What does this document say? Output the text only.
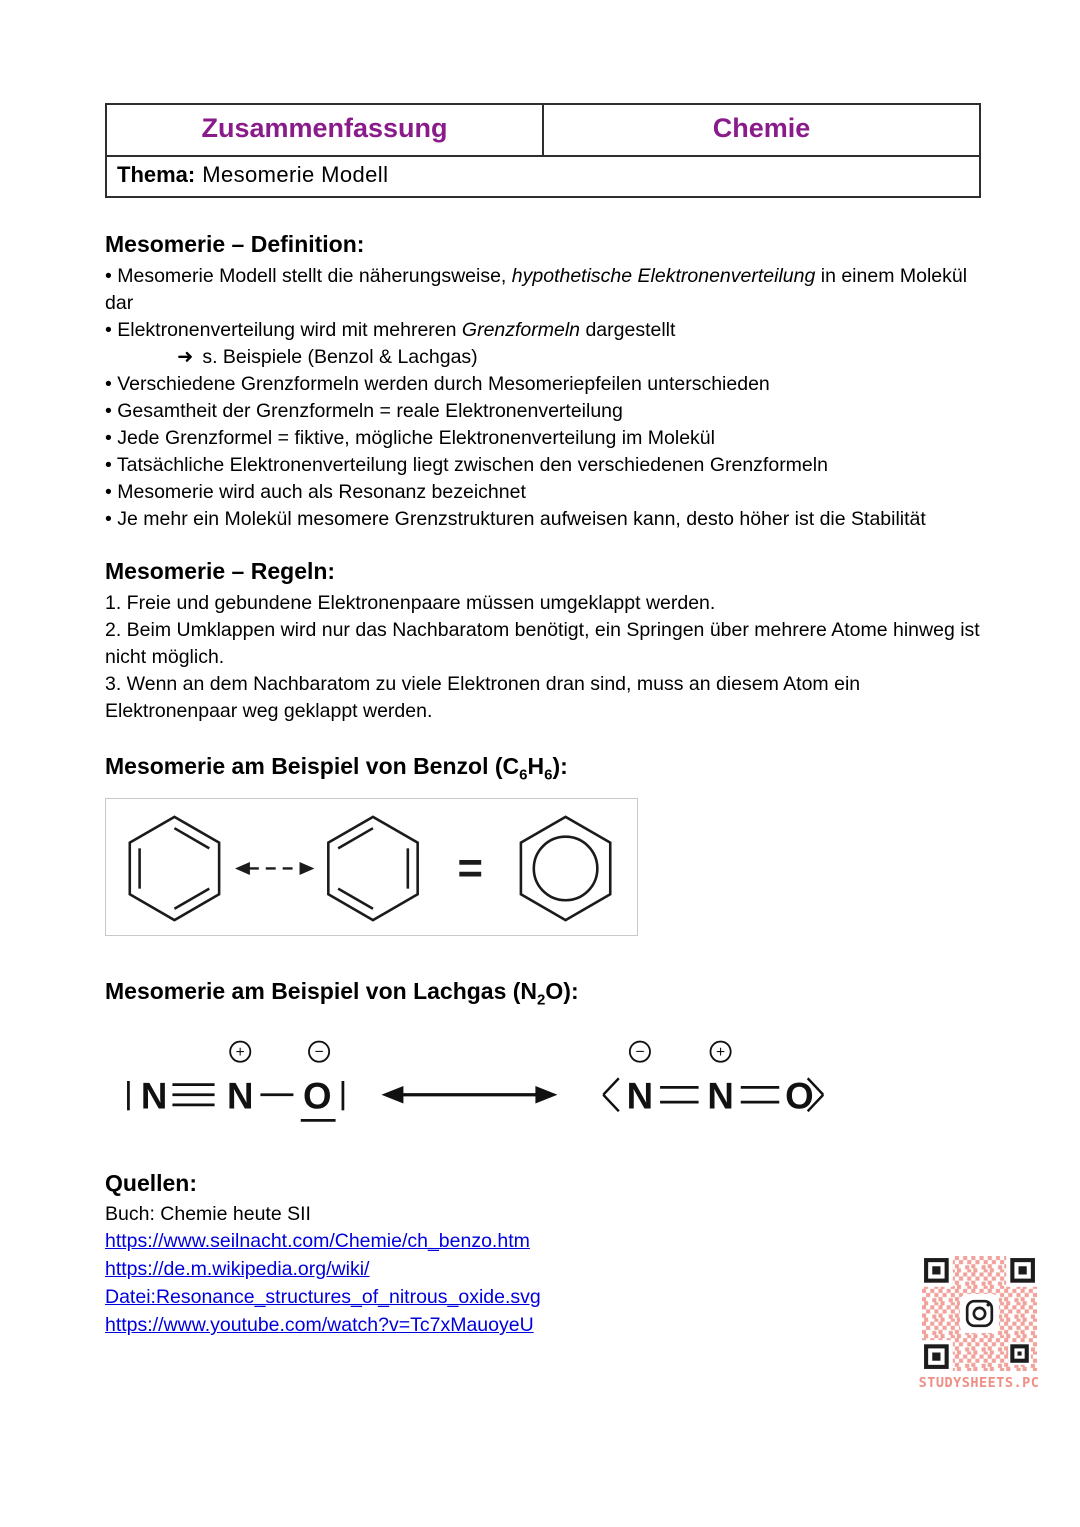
Zusammenfassung	Chemie
Thema: Mesomerie Modell
Mesomerie – Definition:

• Mesomerie Modell stellt die näherungsweise, hypothetische Elektronenverteilung in einem Molekül dar

• Elektronenverteilung wird mit mehreren Grenzformeln dargestellt

➜ s. Beispiele (Benzol & Lachgas)

• Verschiedene Grenzformeln werden durch Mesomeriepfeilen unterschieden

• Gesamtheit der Grenzformeln = reale Elektronenverteilung

• Jede Grenzformel = fiktive, mögliche Elektronenverteilung im Molekül

• Tatsächliche Elektronenverteilung liegt zwischen den verschiedenen Grenzformeln

• Mesomerie wird auch als Resonanz bezeichnet

• Je mehr ein Molekül mesomere Grenzstrukturen aufweisen kann, desto höher ist die Stabilität

Mesomerie – Regeln:

1. Freie und gebundene Elektronenpaare müssen umgeklappt werden.

2. Beim Umklappen wird nur das Nachbaratom benötigt, ein Springen über mehrere Atome hinweg ist nicht möglich.

3. Wenn an dem Nachbaratom zu viele Elektronen dran sind, muss an diesem Atom ein Elektronenpaar weg geklappt werden.

Mesomerie am Beispiel von Benzol $(C_6H_6)$:
=
Mesomerie am Beispiel von Lachgas $(N_2O)$:
N N O
+	−
N N O
−	+
Quellen:

Buch: Chemie heute SII

https://www.seilnacht.com/Chemie/ch_benzo.htm

https://de.m.wikipedia.org/wiki/

Datei:Resonance_structures_of_nitrous_oxide.svg

https://www.youtube.com/watch?v=Tc7xMauoyeU

STUDYSHEETS.PC
